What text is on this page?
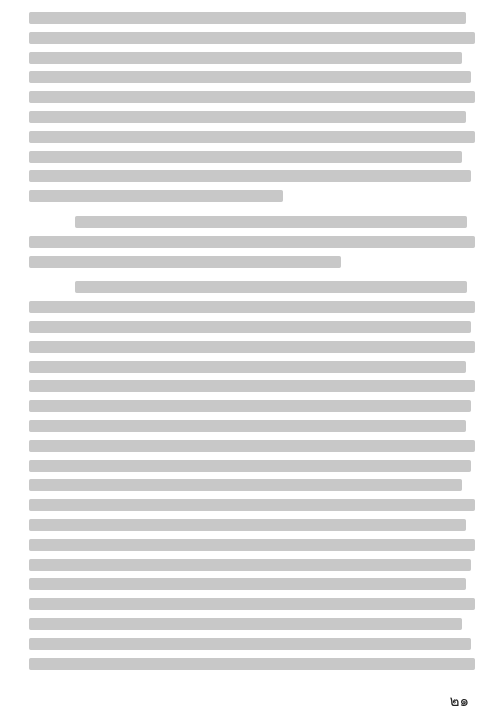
๒๑
